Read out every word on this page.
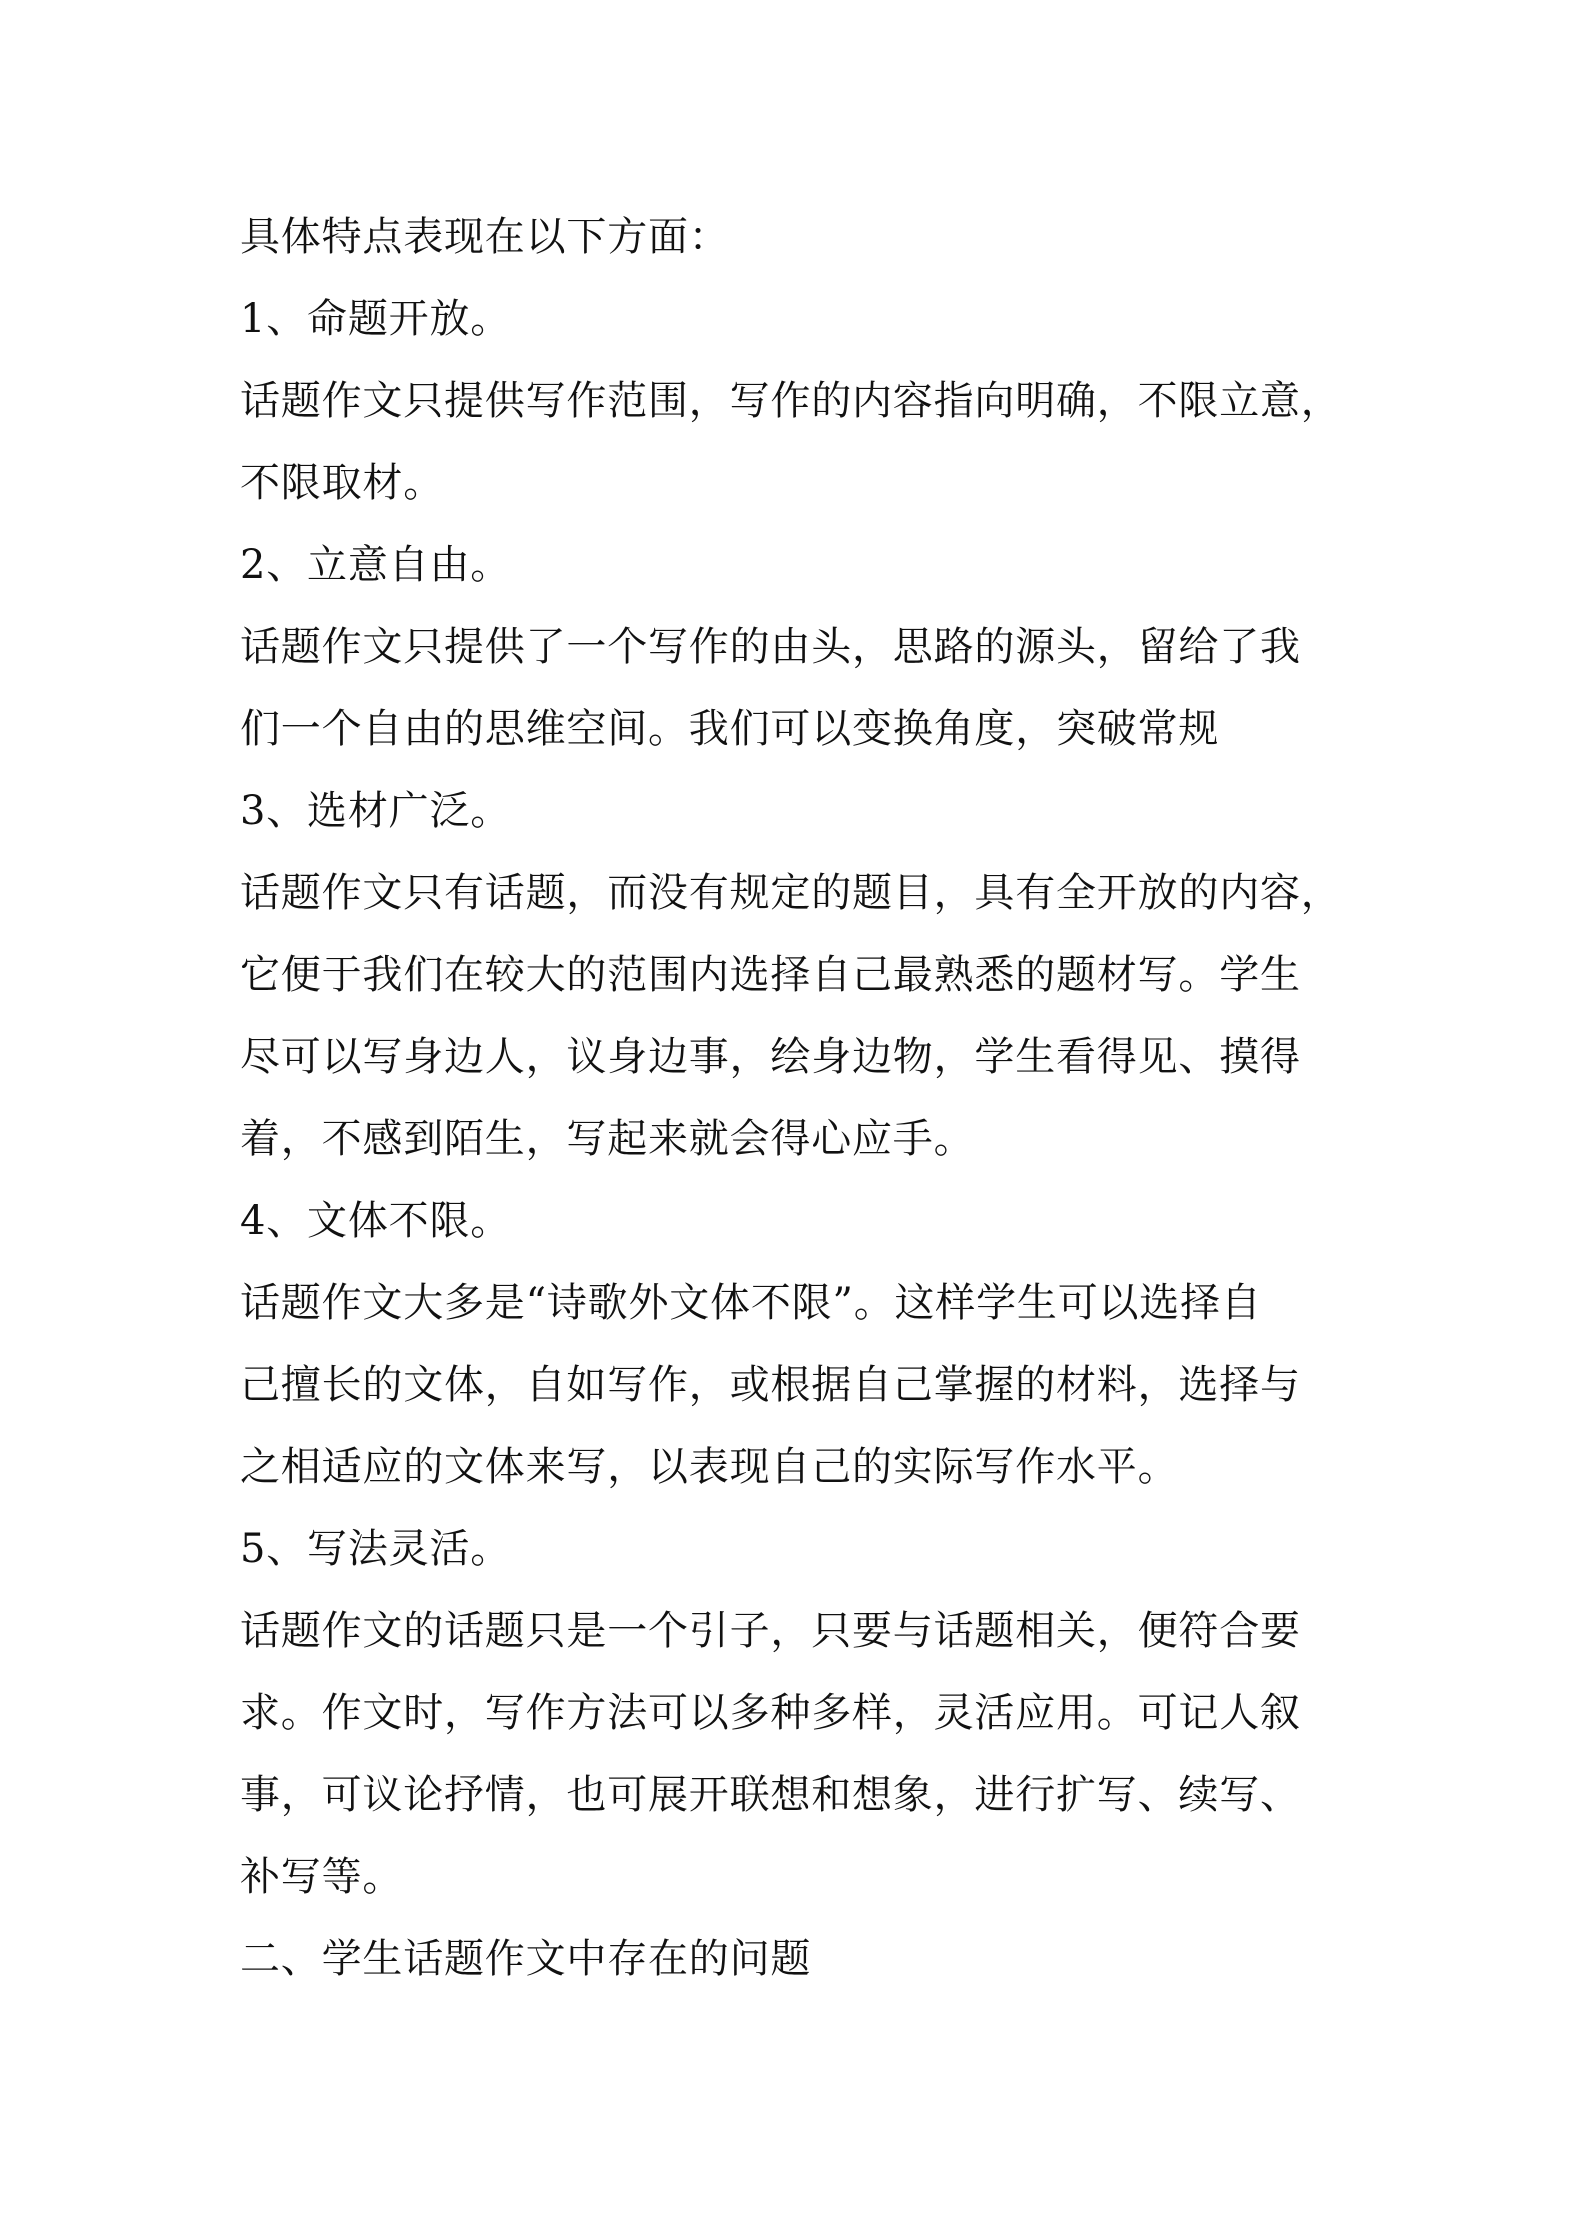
具体特点表现在以下方面：
1、命题开放。
话题作文只提供写作范围，写作的内容指向明确，不限立意，
不限取材。
2、立意自由。
话题作文只提供了一个写作的由头，思路的源头，留给了我
们一个自由的思维空间。我们可以变换角度，突破常规
3、选材广泛。
话题作文只有话题，而没有规定的题目，具有全开放的内容，
它便于我们在较大的范围内选择自己最熟悉的题材写。学生
尽可以写身边人，议身边事，绘身边物，学生看得见、摸得
着，不感到陌生，写起来就会得心应手。
4、文体不限。
话题作文大多是“诗歌外文体不限”。这样学生可以选择自
己擅长的文体，自如写作，或根据自己掌握的材料，选择与
之相适应的文体来写，以表现自己的实际写作水平。
5、写法灵活。
话题作文的话题只是一个引子，只要与话题相关，便符合要
求。作文时，写作方法可以多种多样，灵活应用。可记人叙
事，可议论抒情，也可展开联想和想象，进行扩写、续写、
补写等。
二、学生话题作文中存在的问题
